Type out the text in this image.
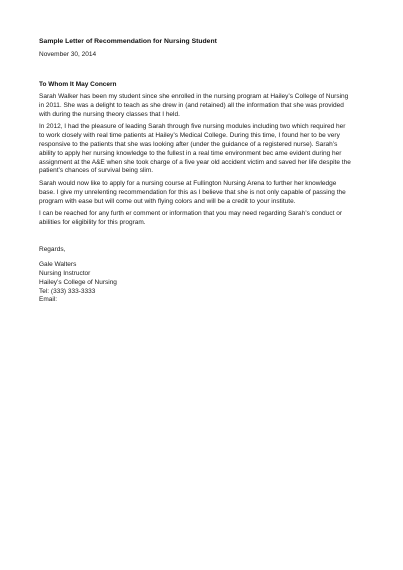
Sample Letter of Recommendation for Nursing Student
November 30, 2014
To Whom It May Concern
Sarah Walker has been my student since she enrolled in the nursing program at Hailey’s College of Nursing
in 2011. She was a delight to teach as she drew in (and retained) all the information that she was provided
with during the nursing theory classes that I held.
In 2012, I had the pleasure of leading Sarah through five nursing modules including two which required her
to work closely with real time patients at Hailey’s Medical College. During this time, I found her to be very
responsive to the patients that she was looking after (under the guidance of a registered nurse). Sarah’s
ability to apply her nursing knowledge to the fullest in a real time environment bec ame evident during her
assignment at the A&E when she took charge of a five year old accident victim and saved her life despite the
patient’s chances of survival being slim.
Sarah would now like to apply for a nursing course at Fullington Nursing Arena to further her knowledge
base. I give my unrelenting recommendation for this as I believe that she is not only capable of passing the
program with ease but will come out with flying colors and will be a credit to your institute.
I can be reached for any furth er comment or information that you may need regarding Sarah’s conduct or
abilities for eligibility for this program.
Regards,
Gale Walters
Nursing Instructor
Hailey’s College of Nursing
Tel: (333) 333-3333
Email:
